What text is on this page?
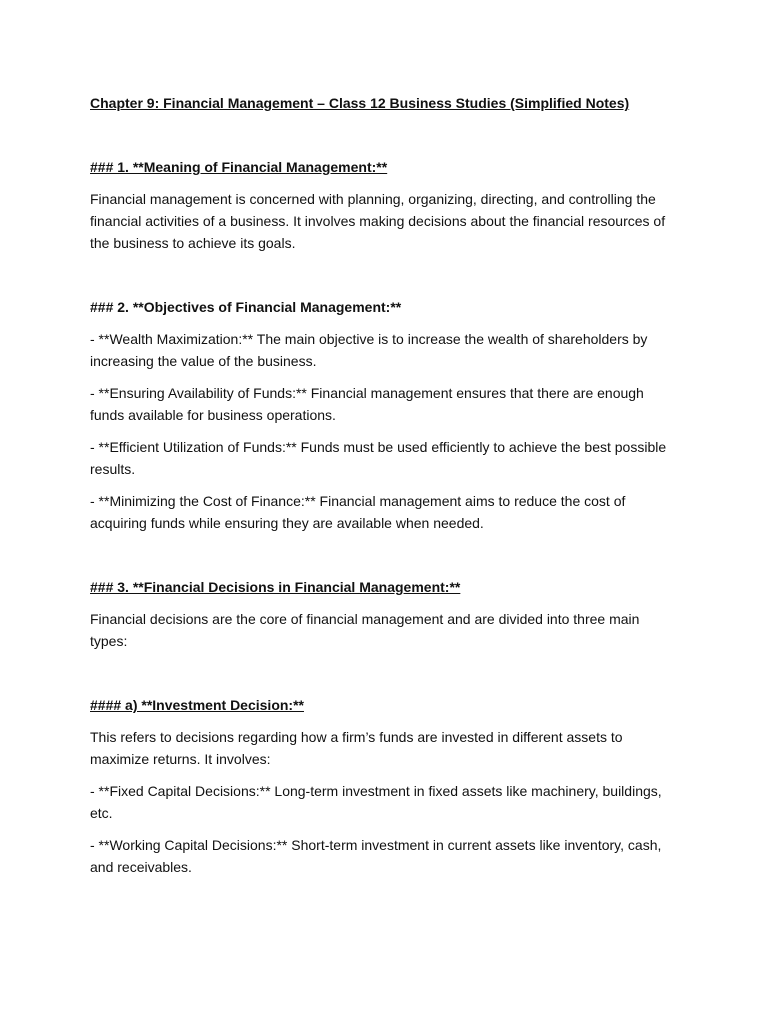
Chapter 9: Financial Management – Class 12 Business Studies (Simplified Notes)
### 1. **Meaning of Financial Management:**
Financial management is concerned with planning, organizing, directing, and controlling the financial activities of a business. It involves making decisions about the financial resources of the business to achieve its goals.
### 2. **Objectives of Financial Management:**
- **Wealth Maximization:** The main objective is to increase the wealth of shareholders by increasing the value of the business.
- **Ensuring Availability of Funds:** Financial management ensures that there are enough funds available for business operations.
- **Efficient Utilization of Funds:** Funds must be used efficiently to achieve the best possible results.
- **Minimizing the Cost of Finance:** Financial management aims to reduce the cost of acquiring funds while ensuring they are available when needed.
### 3. **Financial Decisions in Financial Management:**
Financial decisions are the core of financial management and are divided into three main types:
#### a) **Investment Decision:**
This refers to decisions regarding how a firm’s funds are invested in different assets to maximize returns. It involves:
- **Fixed Capital Decisions:** Long-term investment in fixed assets like machinery, buildings, etc.
- **Working Capital Decisions:** Short-term investment in current assets like inventory, cash, and receivables.
